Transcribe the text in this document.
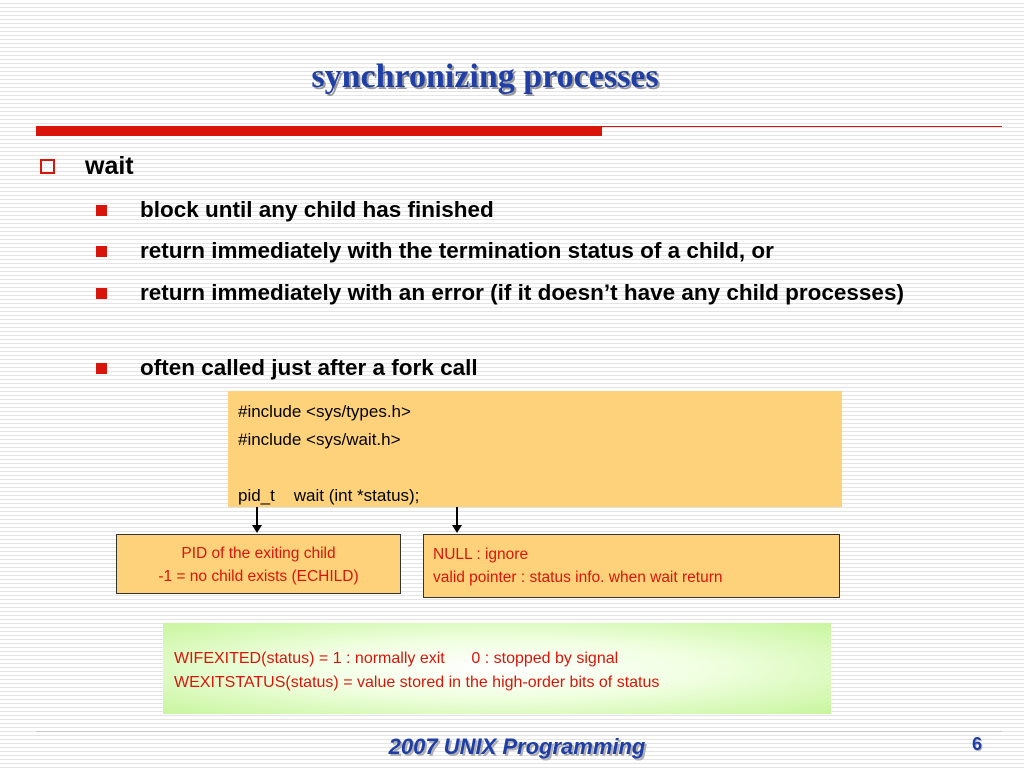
synchronizing processes
wait
block until any child has finished
return immediately with the termination status of a child, or
return immediately with an error (if it doesn’t have any child processes)
often called just after a fork call
#include <sys/types.h>
#include <sys/wait.h>
pid_t    wait (int *status);
PID of the exiting child
-1 = no child exists (ECHILD)
NULL : ignore
valid pointer : status info. when wait return
WIFEXITED(status) = 1 : normally exit      0 : stopped by signal
WEXITSTATUS(status) = value stored in the high-order bits of status
2007 UNIX Programming	6
